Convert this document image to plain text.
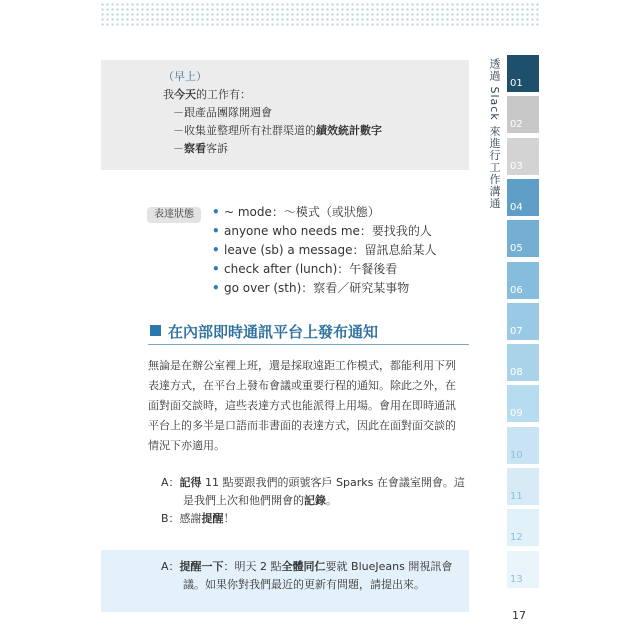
（早上）
我今天的工作有：
－跟產品團隊開週會
－收集並整理所有社群渠道的績效統計數字
－察看客訴
表達狀態	• ~ mode：～模式（或狀態）
• anyone who needs me：要找我的人
• leave (sb) a message：留訊息給某人
• check after (lunch)：午餐後看
• go over (sth)：察看／研究某事物
在內部即時通訊平台上發布通知
無論是在辦公室裡上班，還是採取遠距工作模式，都能利用下列
表達方式，在平台上發布會議或重要行程的通知。除此之外，在
面對面交談時，這些表達方式也能派得上用場。會用在即時通訊
平台上的多半是口語而非書面的表達方式，因此在面對面交談的
情況下亦適用。
A：記得 11 點要跟我們的頭號客戶 Sparks 在會議室開會。這
是我們上次和他們開會的記錄。
B：感謝提醒！
A：提醒一下：明天 2 點全體同仁要就 BlueJeans 開視訊會
議。如果你對我們最近的更新有問題，請提出來。
透過 Slack 來進行工作溝通 01
02
03
04
05
06
07
08
09
10
11
12
13
17
